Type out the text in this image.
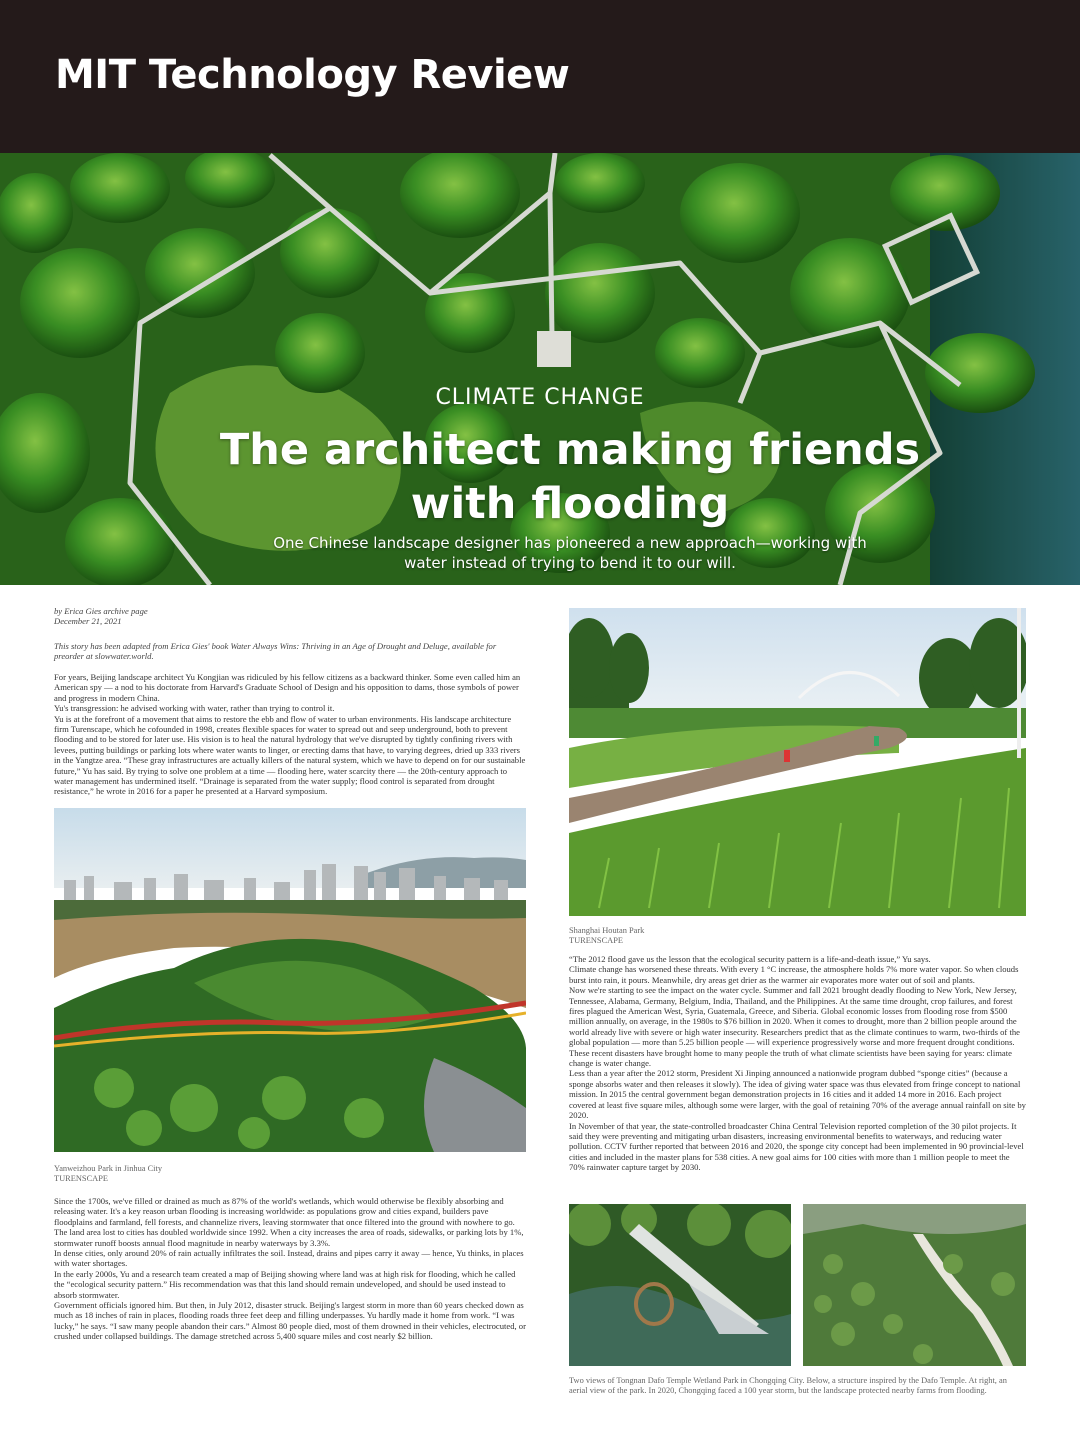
MIT Technology Review
CLIMATE CHANGE
The architect making friends with flooding
One Chinese landscape designer has pioneered a new approach—working with water instead of trying to bend it to our will.
by Erica Gies archive page
December 21, 2021
This story has been adapted from Erica Gies' book Water Always Wins: Thriving in an Age of Drought and Deluge, available for preorder at slowwater.world.

For years, Beijing landscape architect Yu Kongjian was ridiculed by his fellow citizens as a backward thinker. Some even called him an American spy — a nod to his doctorate from Harvard's Graduate School of Design and his opposition to dams, those symbols of power and progress in modern China.

Yu's transgression: he advised working with water, rather than trying to control it.

Yu is at the forefront of a movement that aims to restore the ebb and flow of water to urban environments. His landscape architecture firm Turenscape, which he cofounded in 1998, creates flexible spaces for water to spread out and seep underground, both to prevent flooding and to be stored for later use. His vision is to heal the natural hydrology that we've disrupted by tightly confining rivers with levees, putting buildings or parking lots where water wants to linger, or erecting dams that have, to varying degrees, dried up 333 rivers in the Yangtze area. “These gray infrastructures are actually killers of the natural system, which we have to depend on for our sustainable future,” Yu has said. By trying to solve one problem at a time — flooding here, water scarcity there — the 20th-century approach to water management has undermined itself. “Drainage is separated from the water supply; flood control is separated from drought resistance,” he wrote in 2016 for a paper he presented at a Harvard symposium.

Yanweizhou Park in Jinhua City
TURENSCAPE

Since the 1700s, we've filled or drained as much as 87% of the world's wetlands, which would otherwise be flexibly absorbing and releasing water. It's a key reason urban flooding is increasing worldwide: as populations grow and cities expand, builders pave floodplains and farmland, fell forests, and channelize rivers, leaving stormwater that once filtered into the ground with nowhere to go. The land area lost to cities has doubled worldwide since 1992. When a city increases the area of roads, sidewalks, or parking lots by 1%, stormwater runoff boosts annual flood magnitude in nearby waterways by 3.3%.

In dense cities, only around 20% of rain actually infiltrates the soil. Instead, drains and pipes carry it away — hence, Yu thinks, in places with water shortages.

In the early 2000s, Yu and a research team created a map of Beijing showing where land was at high risk for flooding, which he called the “ecological security pattern.” His recommendation was that this land should remain undeveloped, and should be used instead to absorb stormwater.

Government officials ignored him. But then, in July 2012, disaster struck. Beijing's largest storm in more than 60 years checked down as much as 18 inches of rain in places, flooding roads three feet deep and filling underpasses. Yu hardly made it home from work. “I was lucky,” he says. “I saw many people abandon their cars.” Almost 80 people died, most of them drowned in their vehicles, electrocuted, or crushed under collapsed buildings. The damage stretched across 5,400 square miles and cost nearly $2 billion.

Shanghai Houtan Park
TURENSCAPE

“The 2012 flood gave us the lesson that the ecological security pattern is a life-and-death issue,” Yu says.

Climate change has worsened these threats. With every 1 °C increase, the atmosphere holds 7% more water vapor. So when clouds burst into rain, it pours. Meanwhile, dry areas get drier as the warmer air evaporates more water out of soil and plants.

Now we're starting to see the impact on the water cycle. Summer and fall 2021 brought deadly flooding to New York, New Jersey, Tennessee, Alabama, Germany, Belgium, India, Thailand, and the Philippines. At the same time drought, crop failures, and forest fires plagued the American West, Syria, Guatemala, Greece, and Siberia. Global economic losses from flooding rose from $500 million annually, on average, in the 1980s to $76 billion in 2020. When it comes to drought, more than 2 billion people around the world already live with severe or high water insecurity. Researchers predict that as the climate continues to warm, two-thirds of the global population — more than 5.25 billion people — will experience progressively worse and more frequent drought conditions.

These recent disasters have brought home to many people the truth of what climate scientists have been saying for years: climate change is water change.

Less than a year after the 2012 storm, President Xi Jinping announced a nationwide program dubbed “sponge cities” (because a sponge absorbs water and then releases it slowly). The idea of giving water space was thus elevated from fringe concept to national mission. In 2015 the central government began demonstration projects in 16 cities and it added 14 more in 2016. Each project covered at least five square miles, although some were larger, with the goal of retaining 70% of the average annual rainfall on site by 2020.

In November of that year, the state-controlled broadcaster China Central Television reported completion of the 30 pilot projects. It said they were preventing and mitigating urban disasters, increasing environmental benefits to waterways, and reducing water pollution. CCTV further reported that between 2016 and 2020, the sponge city concept had been implemented in 90 provincial-level cities and included in the master plans for 538 cities. A new goal aims for 100 cities with more than 1 million people to meet the 70% rainwater capture target by 2030.

Two views of Tongnan Dafo Temple Wetland Park in Chongqing City. Below, a structure inspired by the Dafo Temple. At right, an aerial view of the park. In 2020, Chongqing faced a 100 year storm, but the landscape protected nearby farms from flooding.
